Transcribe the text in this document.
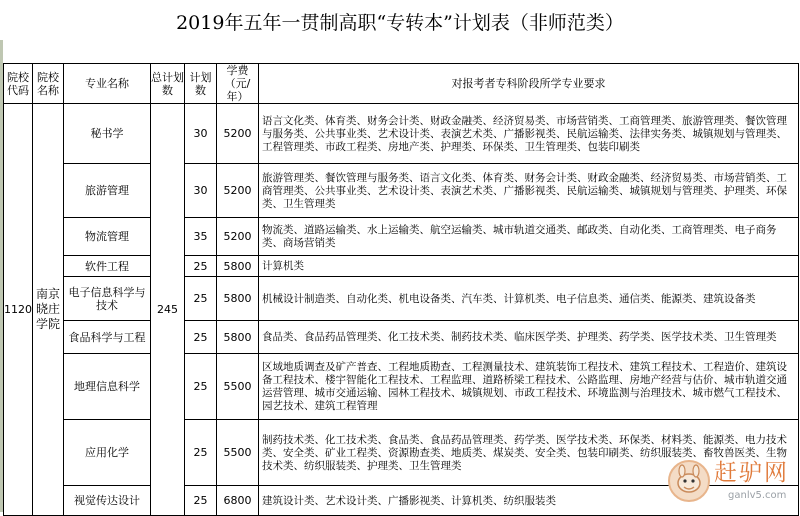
2019年五年一贯制高职“专转本”计划表（非师范类）
院校代码	院校名称	专业名称	总计划数	计划数	学费（元/年）	对报考者专科阶段所学专业要求
1120	南京晓庄学院	秘书学	245	30	5200	语言文化类、体育类、财务会计类、财政金融类、经济贸易类、市场营销类、工商管理类、旅游管理类、餐饮管理与服务类、公共事业类、艺术设计类、表演艺术类、广播影视类、民航运输类、法律实务类、城镇规划与管理类、工程管理类、市政工程类、房地产类、护理类、环保类、卫生管理类、包装印刷类
		旅游管理		30	5200	旅游管理类、餐饮管理与服务类、语言文化类、体育类、财务会计类、财政金融类、经济贸易类、市场营销类、工商管理类、公共事业类、艺术设计类、表演艺术类、广播影视类、民航运输类、城镇规划与管理类、护理类、环保类、卫生管理类
		物流管理		35	5200	物流类、道路运输类、水上运输类、航空运输类、城市轨道交通类、邮政类、自动化类、工商管理类、电子商务类、商场营销类
		软件工程		25	5800	计算机类
		电子信息科学与技术		25	5800	机械设计制造类、自动化类、机电设备类、汽车类、计算机类、电子信息类、通信类、能源类、建筑设备类
		食品科学与工程		25	5800	食品类、食品药品管理类、化工技术类、制药技术类、临床医学类、护理类、药学类、医学技术类、卫生管理类
		地理信息科学		25	5500	区域地质调查及矿产普查、工程地质勘查、工程测量技术、建筑装饰工程技术、建筑工程技术、工程造价、建筑设备工程技术、楼宇智能化工程技术、工程监理、道路桥梁工程技术、公路监理、房地产经营与估价、城市轨道交通运营管理、城市交通运输、园林工程技术、城镇规划、市政工程技术、环境监测与治理技术、城市燃气工程技术、园艺技术、建筑工程管理
		应用化学		25	5500	制药技术类、化工技术类、食品类、食品药品管理类、药学类、医学技术类、环保类、材料类、能源类、电力技术类、安全类、矿业工程类、资源勘查类、地质类、煤炭类、安全类、包装印刷类、纺织服装类、畜牧兽医类、生物技术类、纺织服装类、护理类、卫生管理类
		视觉传达设计		25	6800	建筑设计类、艺术设计类、广播影视类、计算机类、纺织服装类
赶驴网
ganlv5.com
